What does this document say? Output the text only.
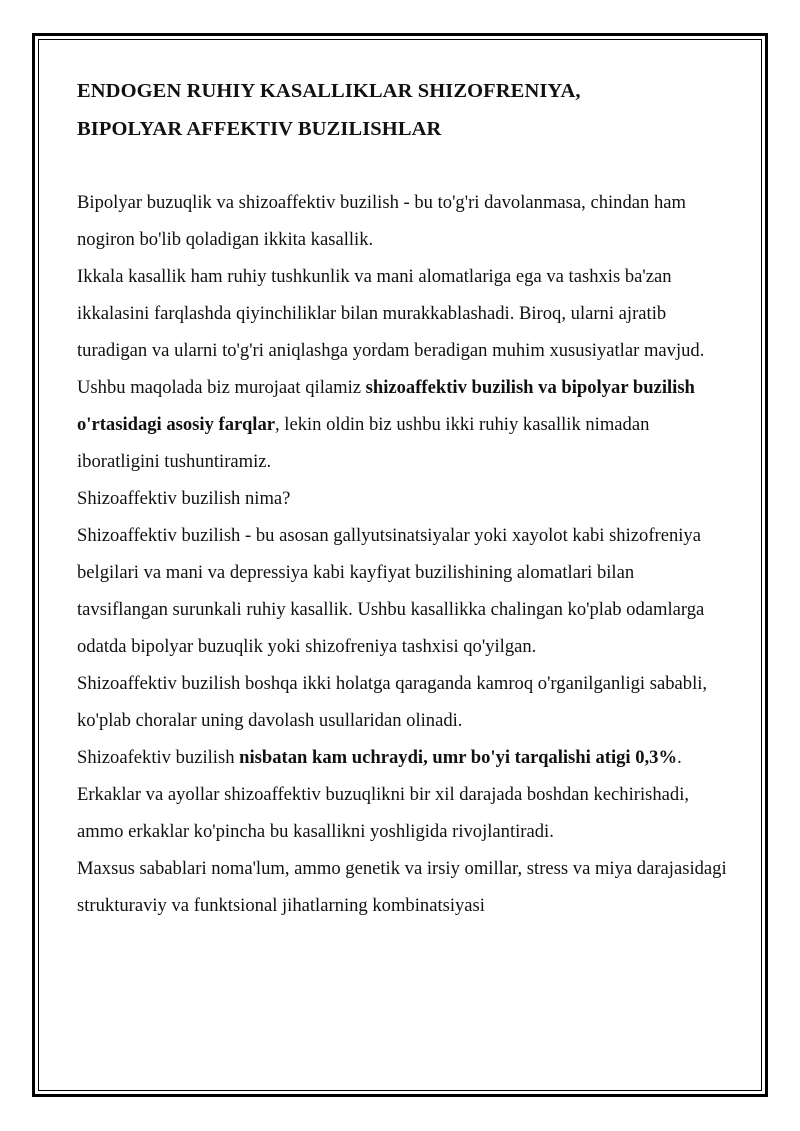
ENDOGEN RUHIY KASALLIKLAR SHIZOFRENIYA,
BIPOLYAR AFFEKTIV BUZILISHLAR

Bipolyar buzuqlik va shizoaffektiv buzilish - bu to'g'ri davolanmasa, chindan ham nogiron bo'lib qoladigan ikkita kasallik.

Ikkala kasallik ham ruhiy tushkunlik va mani alomatlariga ega va tashxis ba'zan ikkalasini farqlashda qiyinchiliklar bilan murakkablashadi. Biroq, ularni ajratib turadigan va ularni to'g'ri aniqlashga yordam beradigan muhim xususiyatlar mavjud.

Ushbu maqolada biz murojaat qilamiz shizoaffektiv buzilish va bipolyar buzilish o'rtasidagi asosiy farqlar, lekin oldin biz ushbu ikki ruhiy kasallik nimadan iboratligini tushuntiramiz.

Shizoaffektiv buzilish nima?

Shizoaffektiv buzilish - bu asosan gallyutsinatsiyalar yoki xayolot kabi shizofreniya belgilari va mani va depressiya kabi kayfiyat buzilishining alomatlari bilan tavsiflangan surunkali ruhiy kasallik. Ushbu kasallikka chalingan ko'plab odamlarga odatda bipolyar buzuqlik yoki shizofreniya tashxisi qo'yilgan.

Shizoaffektiv buzilish boshqa ikki holatga qaraganda kamroq o'rganilganligi sababli, ko'plab choralar uning davolash usullaridan olinadi.

Shizoafektiv buzilish nisbatan kam uchraydi, umr bo'yi tarqalishi atigi 0,3%. Erkaklar va ayollar shizoaffektiv buzuqlikni bir xil darajada boshdan kechirishadi, ammo erkaklar ko'pincha bu kasallikni yoshligida rivojlantiradi.

Maxsus sabablari noma'lum, ammo genetik va irsiy omillar, stress va miya darajasidagi strukturaviy va funktsional jihatlarning kombinatsiyasi
